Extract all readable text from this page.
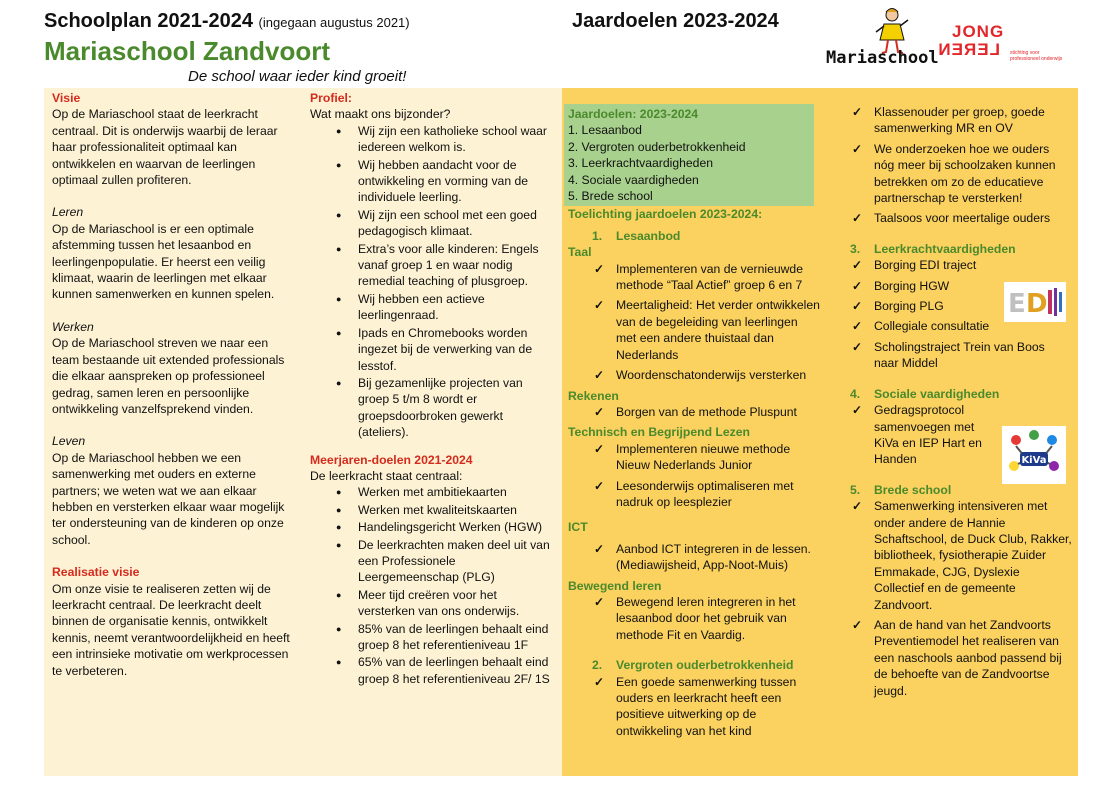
Schoolplan 2021-2024 (ingegaan augustus 2021)
Mariaschool Zandvoort
De school waar ieder kind groeit!
Jaardoelen 2023-2024
Mariaschool
JONG
LEREN stichting voor professioneel onderwijs
Visie
Op de Mariaschool staat de leerkracht centraal. Dit is onderwijs waarbij de leraar haar professionaliteit optimaal kan ontwikkelen en waarvan de leerlingen optimaal zullen profiteren.
Leren
Op de Mariaschool is er een optimale afstemming tussen het lesaanbod en leerlingenpopulatie. Er heerst een veilig klimaat, waarin de leerlingen met elkaar kunnen samenwerken en kunnen spelen.
Werken
Op de Mariaschool streven we naar een team bestaande uit extended professionals die elkaar aanspreken op professioneel gedrag, samen leren en persoonlijke ontwikkeling vanzelfsprekend vinden.
Leven
Op de Mariaschool hebben we een samenwerking met ouders en externe partners; we weten wat we aan elkaar hebben en versterken elkaar waar mogelijk ter ondersteuning van de kinderen op onze school.
Realisatie visie
Om onze visie te realiseren zetten wij de leerkracht centraal. De leerkracht deelt binnen de organisatie kennis, ontwikkelt kennis, neemt verantwoordelijkheid en heeft een intrinsieke motivatie om werkprocessen te verbeteren.
Profiel:
Wat maakt ons bijzonder?
● Wij zijn een katholieke school waar iedereen welkom is.
● Wij hebben aandacht voor de ontwikkeling en vorming van de individuele leerling.
● Wij zijn een school met een goed pedagogisch klimaat.
● Extra’s voor alle kinderen: Engels vanaf groep 1 en waar nodig remedial teaching of plusgroep.
● Wij hebben een actieve leerlingenraad.
● Ipads en Chromebooks worden ingezet bij de verwerking van de lesstof.
● Bij gezamenlijke projecten van groep 5 t/m 8 wordt er groepsdoorbroken gewerkt (ateliers).
Meerjaren-doelen 2021-2024
De leerkracht staat centraal:
● Werken met ambitiekaarten
● Werken met kwaliteitskaarten
● Handelingsgericht Werken (HGW)
● De leerkrachten maken deel uit van een Professionele Leergemeenschap (PLG)
● Meer tijd creëren voor het versterken van ons onderwijs.
● 85% van de leerlingen behaalt eind groep 8 het referentieniveau 1F
● 65% van de leerlingen behaalt eind groep 8 het referentieniveau 2F/ 1S
Jaardoelen: 2023-2024
1. Lesaanbod
2. Vergroten ouderbetrokkenheid
3. Leerkrachtvaardigheden
4. Sociale vaardigheden
5. Brede school
Toelichting jaardoelen 2023-2024:
1. Lesaanbod
Taal
✓ Implementeren van de vernieuwde methode “Taal Actief” groep 6 en 7
✓ Meertaligheid: Het verder ontwikkelen van de begeleiding van leerlingen met een andere thuistaal dan Nederlands
✓ Woordenschatonderwijs versterken
Rekenen
✓ Borgen van de methode Pluspunt
Technisch en Begrijpend Lezen
✓ Implementeren nieuwe methode Nieuw Nederlands Junior
✓ Leesonderwijs optimaliseren met nadruk op leesplezier
ICT
✓ Aanbod ICT integreren in de lessen. (Mediawijsheid, App-Noot-Muis)
Bewegend leren
✓ Bewegend leren integreren in het lesaanbod door het gebruik van methode Fit en Vaardig.
2. Vergroten ouderbetrokkenheid
✓ Een goede samenwerking tussen ouders en leerkracht heeft een positieve uitwerking op de ontwikkeling van het kind
✓ Klassenouder per groep, goede samenwerking MR en OV
✓ We onderzoeken hoe we ouders nóg meer bij schoolzaken kunnen betrekken om zo de educatieve partnerschap te versterken!
✓ Taalsoos voor meertalige ouders
3. Leerkrachtvaardigheden
✓ Borging EDI traject
✓ Borging HGW
✓ Borging PLG
✓ Collegiale consultatie
✓ Scholingstraject Trein van Boos naar Middel
4. Sociale vaardigheden
✓ Gedragsprotocol samenvoegen met KiVa en IEP Hart en Handen
5. Brede school
✓ Samenwerking intensiveren met onder andere de Hannie Schaftschool, de Duck Club, Rakker, bibliotheek, fysiotherapie Zuider Emmakade, CJG, Dyslexie Collectief en de gemeente Zandvoort.
✓ Aan de hand van het Zandvoorts Preventiemodel het realiseren van een naschools aanbod passend bij de behoefte van de Zandvoortse jeugd.
E D
KiVa
